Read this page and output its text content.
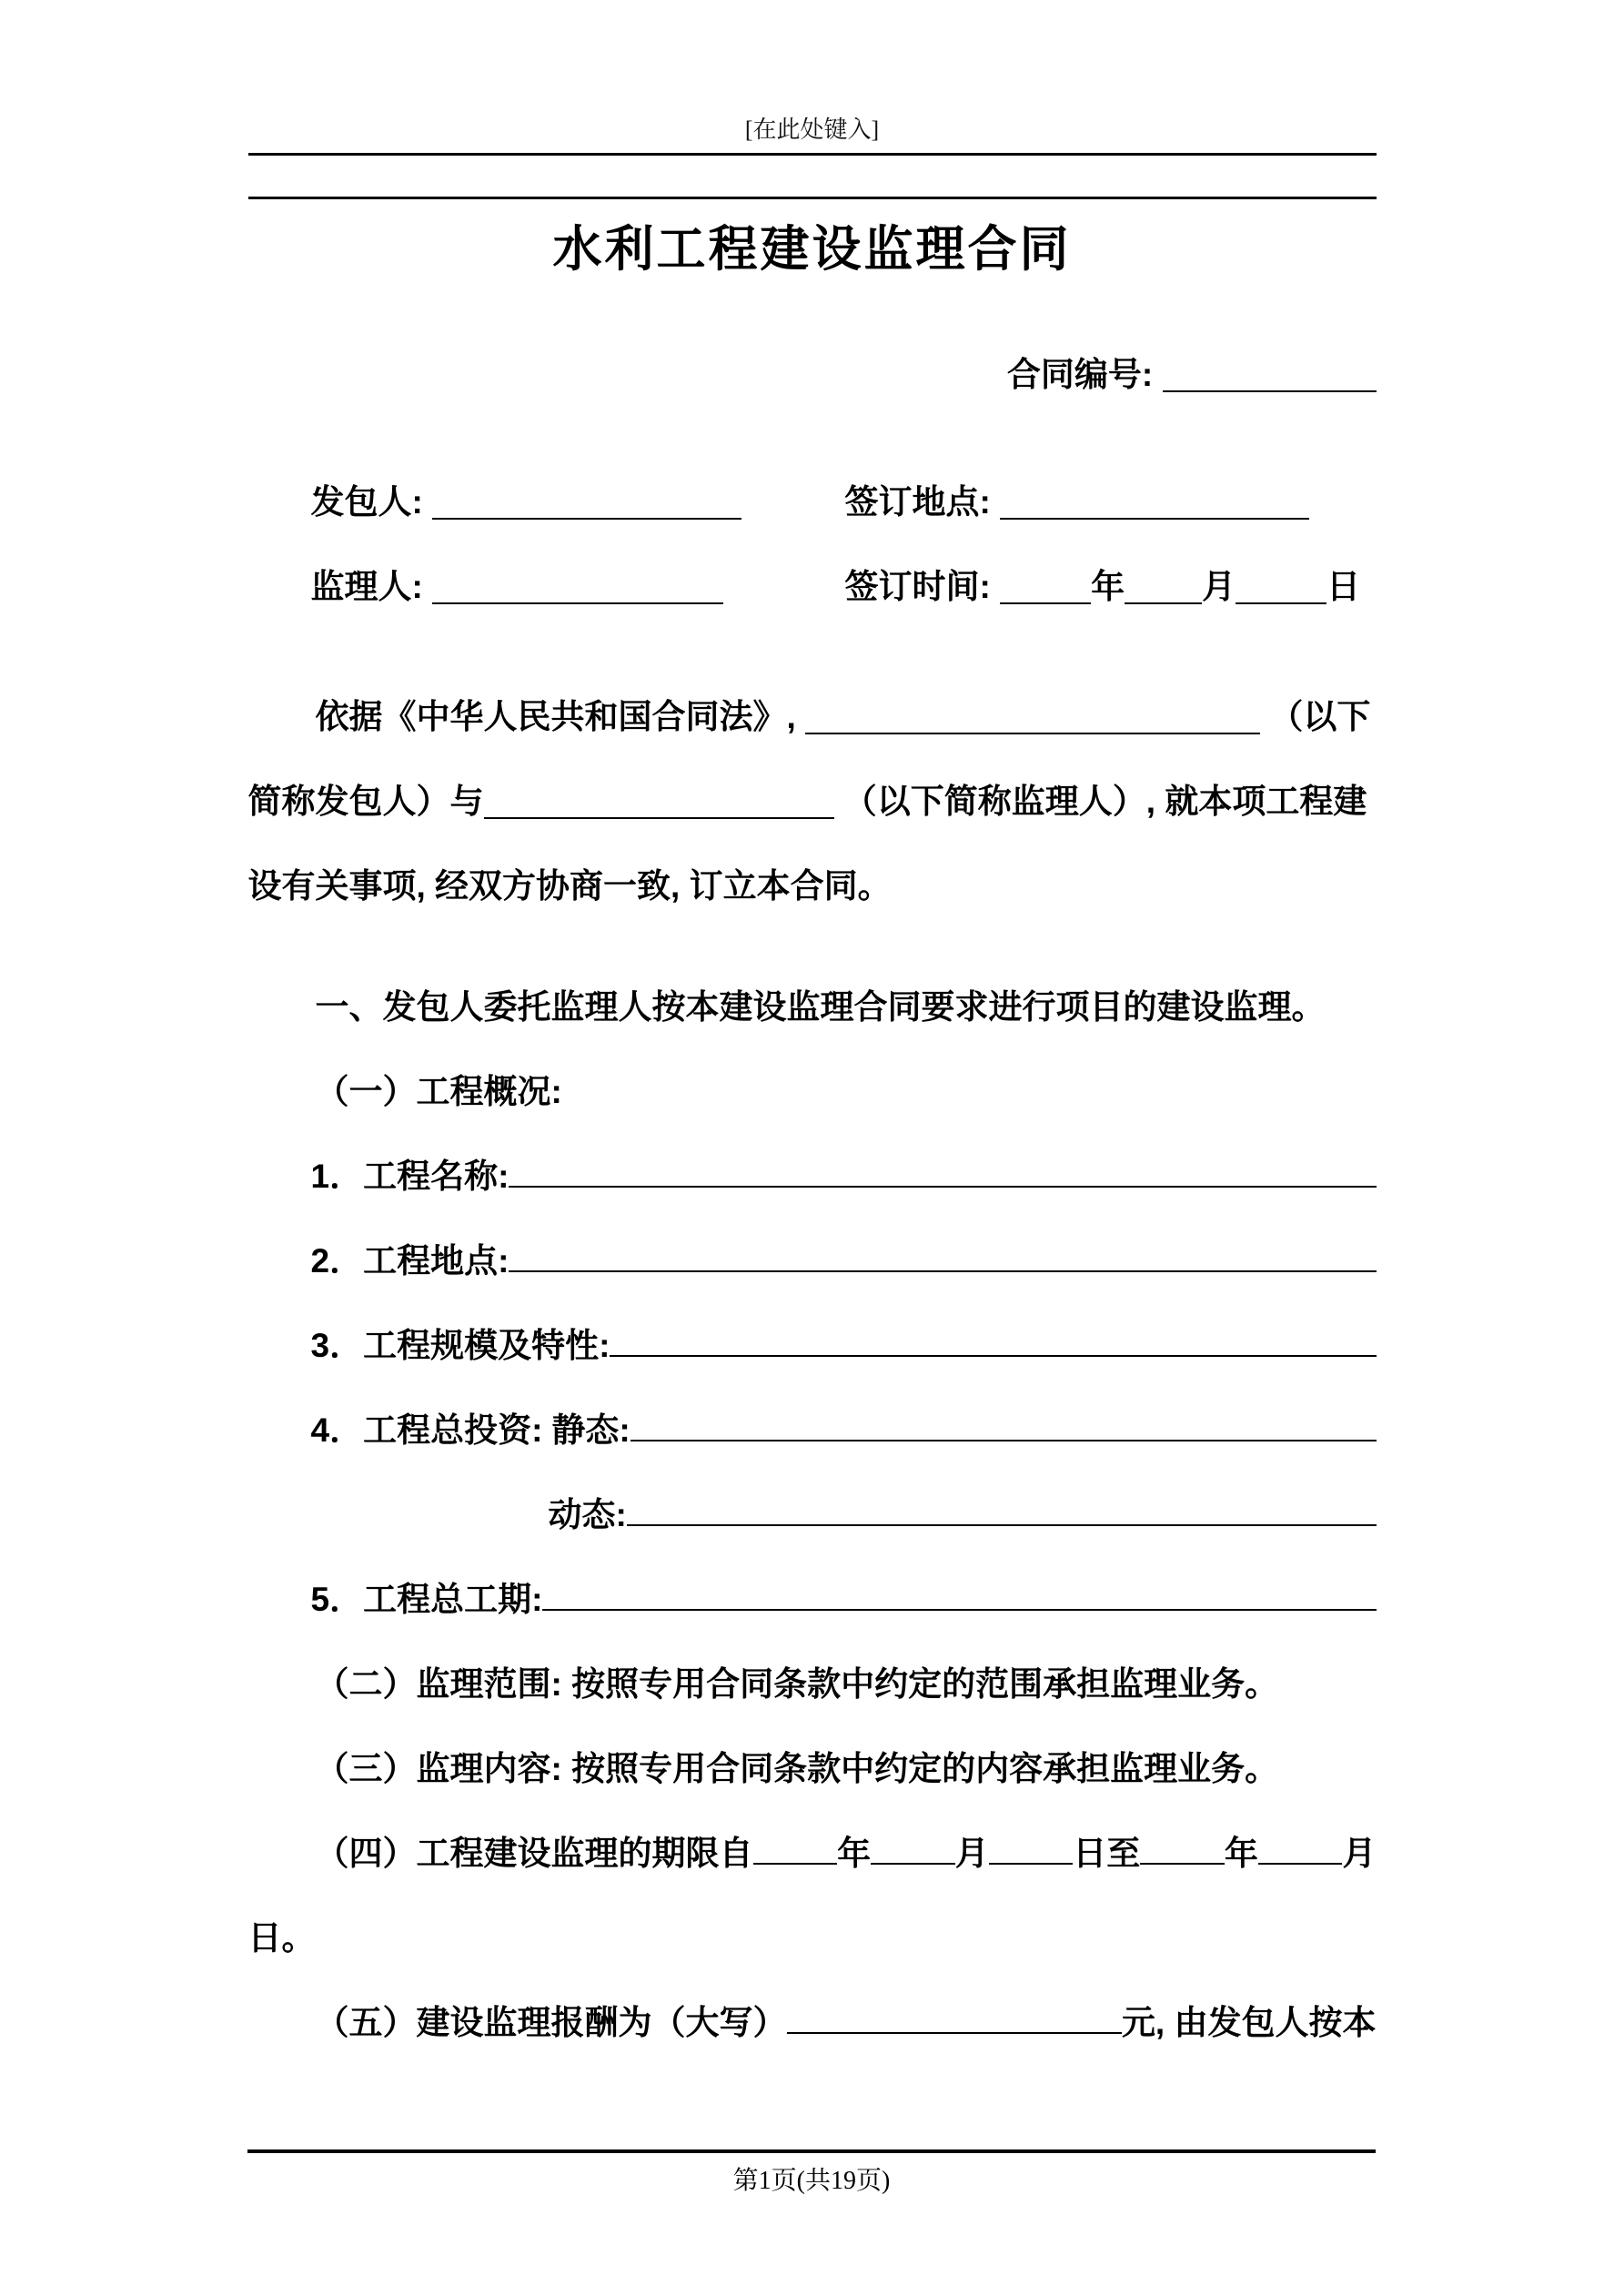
[在此处键入]
水利工程建设监理合同
合同编号:
发包人:	签订地点:
监理人:	签订时间:	年 月	日
依据《中华人民共和国合同法》,	（以下
简称发包人）与	（以下简称监理人）, 就本项工程建
设有关事项, 经双方协商一致, 订立本合同。
一、发包人委托监理人按本建设监理合同要求进行项目的建设监理。
（一）工程概况:
1．工程名称:
2．工程地点:
3．工程规模及特性:
4．工程总投资: 静态:
动态:
5．工程总工期:
（二）监理范围: 按照专用合同条款中约定的范围承担监理业务。
（三）监理内容: 按照专用合同条款中约定的内容承担监理业务。
（四）工程建设监理的期限自	年	月	日至	年	月
日。
（五）建设监理报酬为（大写）	元, 由发包人按本
第1页(共19页)
